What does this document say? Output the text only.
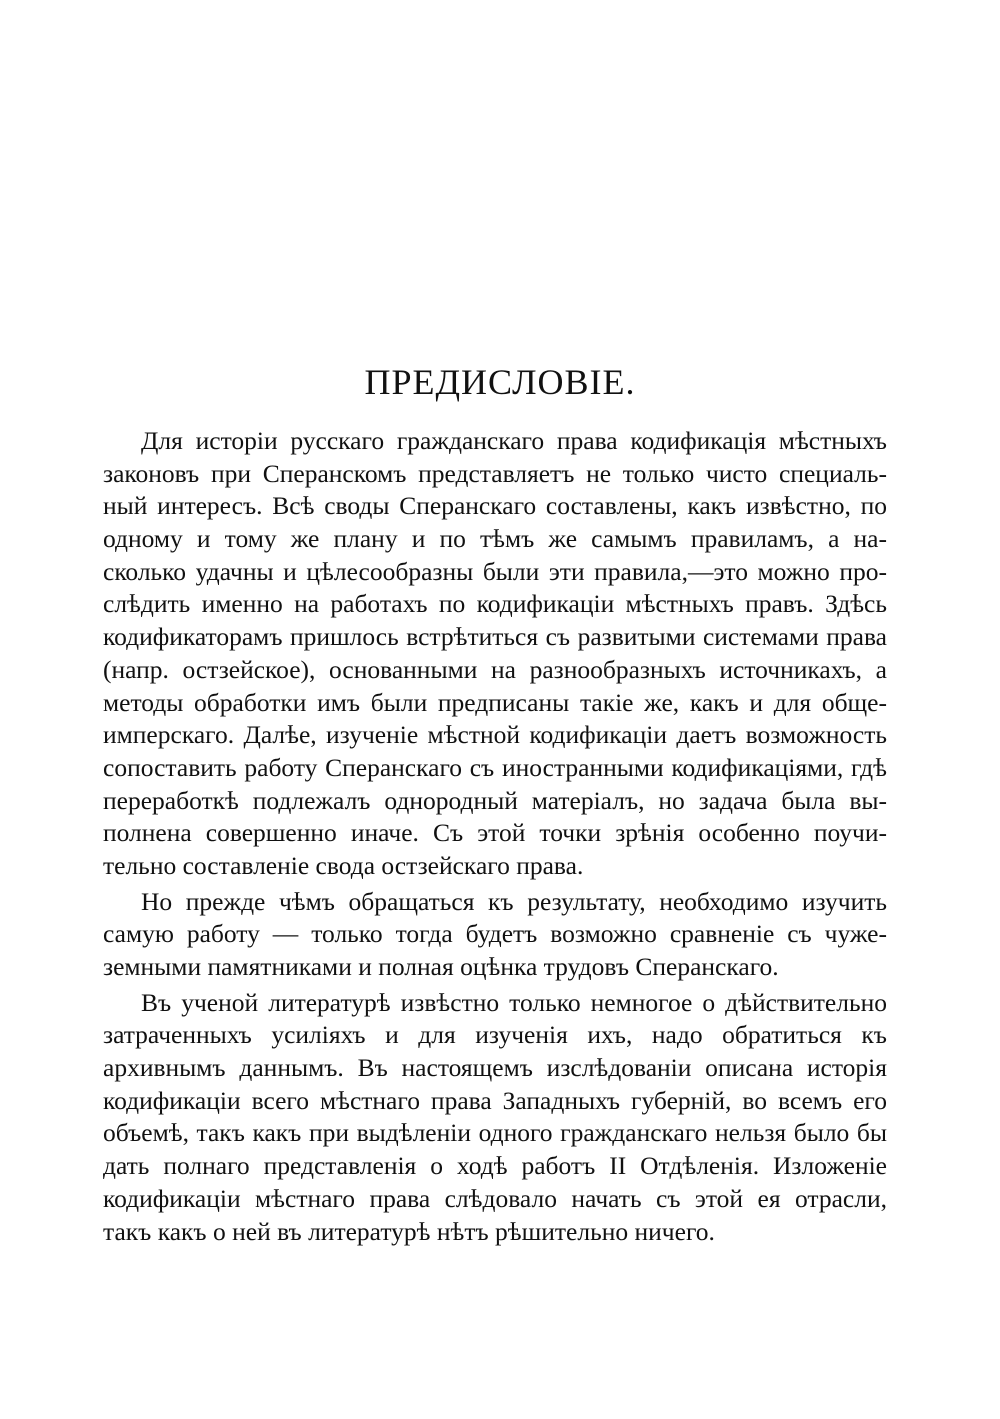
ПРЕДИСЛОВІЕ.
Для исторіи русскаго гражданскаго права кодификація мѣстныхъ
законовъ при Сперанскомъ представляетъ не только чисто специаль-
ный интересъ. Всѣ своды Сперанскаго составлены, какъ извѣстно, по
одному и тому же плану и по тѣмъ же самымъ правиламъ, а на-
сколько удачны и цѣлесообразны были эти правила,—это можно про-
слѣдить именно на работахъ по кодификаціи мѣстныхъ правъ. Здѣсь
кодификаторамъ пришлось встрѣтиться съ развитыми системами права
(напр. остзейское), основанными на разнообразныхъ источникахъ, а
методы обработки имъ были предписаны такіе же, какъ и для обще-
имперскаго. Далѣе, изученіе мѣстной кодификаціи даетъ возможность
сопоставить работу Сперанскаго съ иностранными кодификаціями, гдѣ
переработкѣ подлежалъ однородный матеріалъ, но задача была вы-
полнена совершенно иначе. Съ этой точки зрѣнія особенно поучи-
тельно составленіе свода остзейскаго права.
Но прежде чѣмъ обращаться къ результату, необходимо изучить
самую работу — только тогда будетъ возможно сравненіе съ чуже-
земными памятниками и полная оцѣнка трудовъ Сперанскаго.
Въ ученой литературѣ извѣстно только немногое о дѣйствительно
затраченныхъ усиліяхъ и для изученія ихъ, надо обратиться къ
архивнымъ даннымъ. Въ настоящемъ изслѣдованіи описана исторія
кодификаціи всего мѣстнаго права Западныхъ губерній, во всемъ его
объемѣ, такъ какъ при выдѣленіи одного гражданскаго нельзя было бы
дать полнаго представленія о ходѣ работъ II Отдѣленія. Изложеніе
кодификаціи мѣстнаго права слѣдовало начать съ этой ея отрасли,
такъ какъ о ней въ литературѣ нѣтъ рѣшительно ничего.
